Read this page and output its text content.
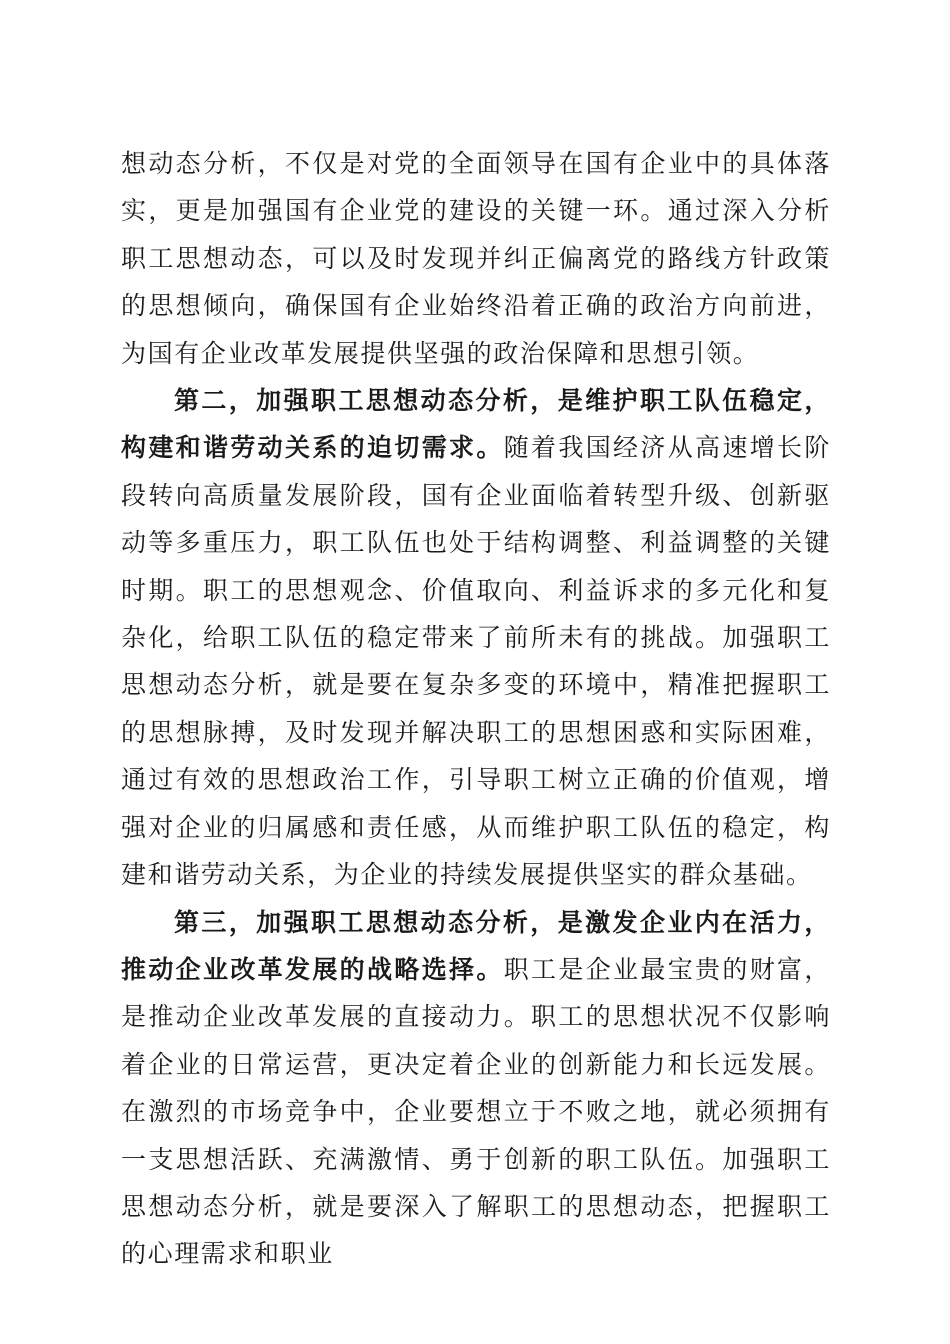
想动态分析，不仅是对党的全面领导在国有企业中的具体落实，更是加强国有企业党的建设的关键一环。通过深入分析职工思想动态，可以及时发现并纠正偏离党的路线方针政策的思想倾向，确保国有企业始终沿着正确的政治方向前进，为国有企业改革发展提供坚强的政治保障和思想引领。

第二，加强职工思想动态分析，是维护职工队伍稳定，构建和谐劳动关系的迫切需求。随着我国经济从高速增长阶段转向高质量发展阶段，国有企业面临着转型升级、创新驱动等多重压力，职工队伍也处于结构调整、利益调整的关键时期。职工的思想观念、价值取向、利益诉求的多元化和复杂化，给职工队伍的稳定带来了前所未有的挑战。加强职工思想动态分析，就是要在复杂多变的环境中，精准把握职工的思想脉搏，及时发现并解决职工的思想困惑和实际困难，通过有效的思想政治工作，引导职工树立正确的价值观，增强对企业的归属感和责任感，从而维护职工队伍的稳定，构建和谐劳动关系，为企业的持续发展提供坚实的群众基础。

第三，加强职工思想动态分析，是激发企业内在活力，推动企业改革发展的战略选择。职工是企业最宝贵的财富，是推动企业改革发展的直接动力。职工的思想状况不仅影响着企业的日常运营，更决定着企业的创新能力和长远发展。在激烈的市场竞争中，企业要想立于不败之地，就必须拥有一支思想活跃、充满激情、勇于创新的职工队伍。加强职工思想动态分析，就是要深入了解职工的思想动态，把握职工的心理需求和职业
